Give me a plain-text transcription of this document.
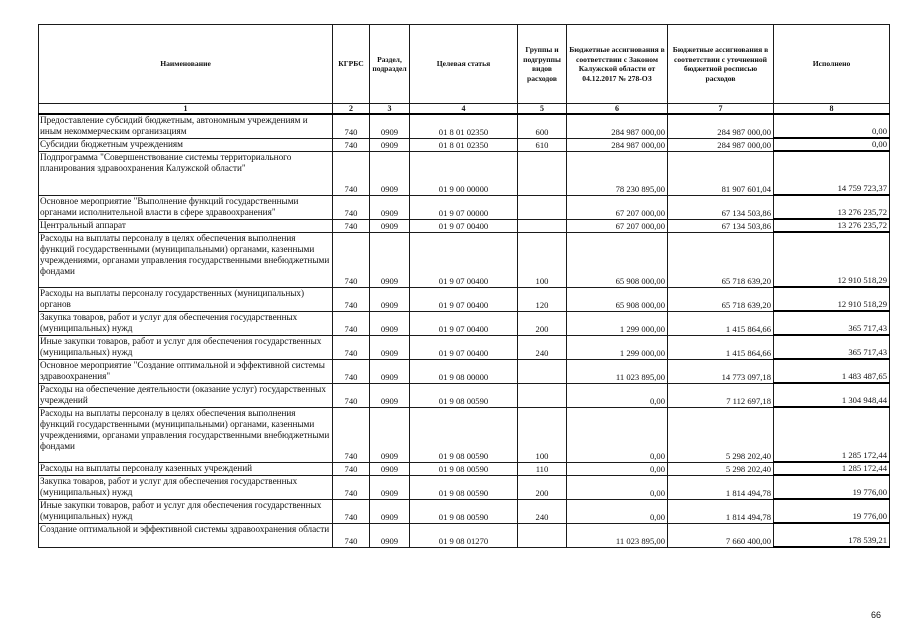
Наименование	КГРБС	Раздел, подраздел	Целевая статья	Группы и подгруппы видов расходов	Бюджетные ассигнования в соответствии с Законом Калужской области от 04.12.2017 № 278-ОЗ	Бюджетные ассигнования в соответствии с уточненной бюджетной росписью расходов	Исполнено
1	2	3	4	5	6	7	8
Предоставление субсидий бюджетным, автономным учреждениям и иным некоммерческим организациям	740	0909	01 8 01 02350	600	284 987 000,00	284 987 000,00	0,00
Субсидии бюджетным учреждениям	740	0909	01 8 01 02350	610	284 987 000,00	284 987 000,00	0,00
Подпрограмма "Совершенствование системы территориального планирования здравоохранения Калужской области"	740	0909	01 9 00 00000		78 230 895,00	81 907 601,04	14 759 723,37
Основное мероприятие "Выполнение функций государственными органами исполнительной власти в сфере здравоохранения"	740	0909	01 9 07 00000		67 207 000,00	67 134 503,86	13 276 235,72
Центральный аппарат	740	0909	01 9 07 00400		67 207 000,00	67 134 503,86	13 276 235,72
Расходы на выплаты персоналу в целях обеспечения выполнения функций государственными (муниципальными) органами, казенными учреждениями, органами управления государственными внебюджетными фондами	740	0909	01 9 07 00400	100	65 908 000,00	65 718 639,20	12 910 518,29
Расходы на выплаты персоналу государственных (муниципальных) органов	740	0909	01 9 07 00400	120	65 908 000,00	65 718 639,20	12 910 518,29
Закупка товаров, работ и услуг для обеспечения государственных (муниципальных) нужд	740	0909	01 9 07 00400	200	1 299 000,00	1 415 864,66	365 717,43
Иные закупки товаров, работ и услуг для обеспечения государственных (муниципальных) нужд	740	0909	01 9 07 00400	240	1 299 000,00	1 415 864,66	365 717,43
Основное мероприятие "Создание оптимальной и эффективной системы здравоохранения"	740	0909	01 9 08 00000		11 023 895,00	14 773 097,18	1 483 487,65
Расходы на обеспечение деятельности (оказание услуг) государственных учреждений	740	0909	01 9 08 00590		0,00	7 112 697,18	1 304 948,44
Расходы на выплаты персоналу в целях обеспечения выполнения функций государственными (муниципальными) органами, казенными учреждениями, органами управления государственными внебюджетными фондами	740	0909	01 9 08 00590	100	0,00	5 298 202,40	1 285 172,44
Расходы на выплаты персоналу казенных учреждений	740	0909	01 9 08 00590	110	0,00	5 298 202,40	1 285 172,44
Закупка товаров, работ и услуг для обеспечения государственных (муниципальных) нужд	740	0909	01 9 08 00590	200	0,00	1 814 494,78	19 776,00
Иные закупки товаров, работ и услуг для обеспечения государственных (муниципальных) нужд	740	0909	01 9 08 00590	240	0,00	1 814 494,78	19 776,00
Создание оптимальной и эффективной системы здравоохранения области	740	0909	01 9 08 01270		11 023 895,00	7 660 400,00	178 539,21
66
